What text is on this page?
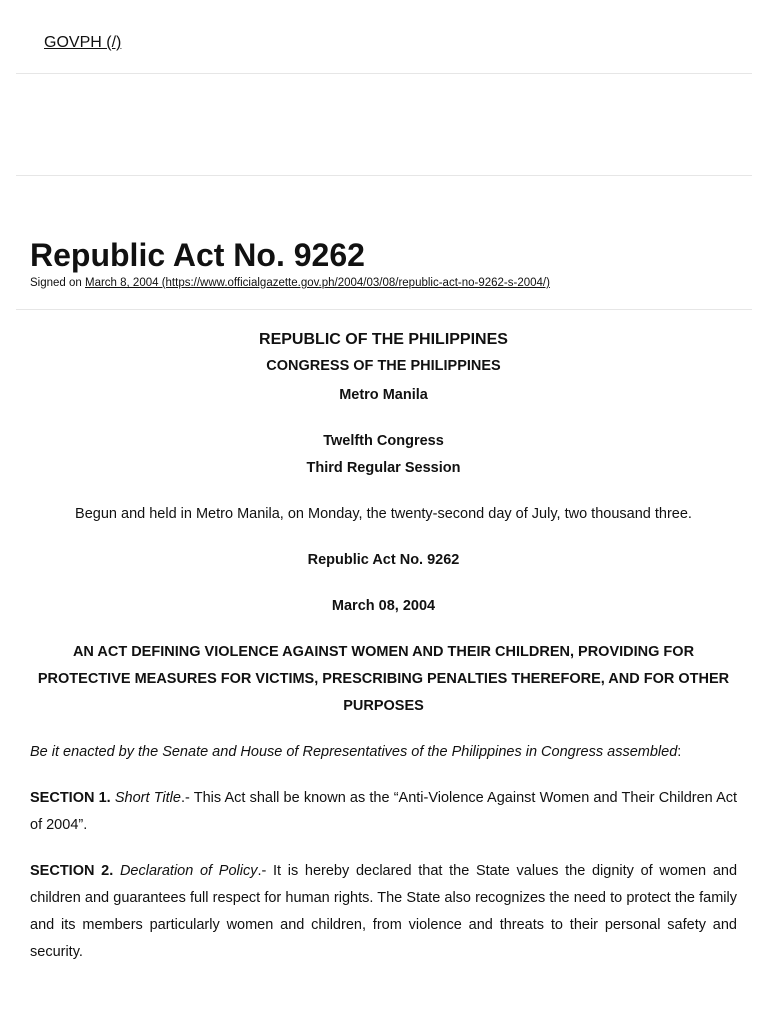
GOVPH (/)
Republic Act No. 9262
Signed on March 8, 2004 (https://www.officialgazette.gov.ph/2004/03/08/republic-act-no-9262-s-2004/)

REPUBLIC OF THE PHILIPPINES

CONGRESS OF THE PHILIPPINES

Metro Manila

Twelfth Congress

Third Regular Session

Begun and held in Metro Manila, on Monday, the twenty-second day of July, two thousand three.

Republic Act No. 9262

March 08, 2004

AN ACT DEFINING VIOLENCE AGAINST WOMEN AND THEIR CHILDREN, PROVIDING FOR PROTECTIVE MEASURES FOR VICTIMS, PRESCRIBING PENALTIES THEREFORE, AND FOR OTHER PURPOSES

Be it enacted by the Senate and House of Representatives of the Philippines in Congress assembled:

SECTION 1. Short Title.- This Act shall be known as the “Anti-Violence Against Women and Their Children Act of 2004”.

SECTION 2. Declaration of Policy.- It is hereby declared that the State values the dignity of women and children and guarantees full respect for human rights. The State also recognizes the need to protect the family and its members particularly women and children, from violence and threats to their personal safety and security.
